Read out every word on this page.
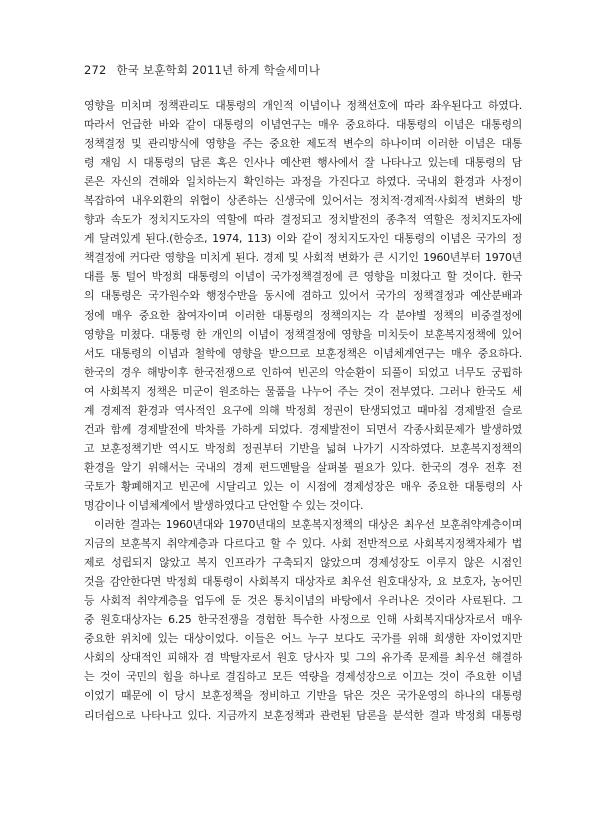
272 한국 보훈학회 2011년 하계 학술세미나
영향을 미치며 정책관리도 대통령의 개인적 이념이나 정책선호에 따라 좌우된다고 하였다.
따라서 언급한 바와 같이 대통령의 이념연구는 매우 중요하다. 대통령의 이념은 대통령의
정책결정 및 관리방식에 영향을 주는 중요한 제도적 변수의 하나이며 이러한 이념은 대통
령 재임 시 대통령의 담론 혹은 인사나 예산편 행사에서 잘 나타나고 있는데 대통령의 담
론은 자신의 견해와 일치하는지 확인하는 과정을 가진다고 하였다. 국내외 환경과 사정이
복잡하여 내우외환의 위협이 상존하는 신생국에 있어서는 정치적·경제적·사회적 변화의 방
향과 속도가 정치지도자의 역할에 따라 결정되고 정치발전의 종추적 역할은 정치지도자에
게 달려있게 된다.(한승조, 1974, 113) 이와 같이 정치지도자인 대통령의 이념은 국가의 정
책결정에 커다란 영향을 미치게 된다. 경제 및 사회적 변화가 큰 시기인 1960년부터 1970년
대를 통 털어 박정희 대통령의 이념이 국가정책결정에 큰 영향을 미쳤다고 할 것이다. 한국
의 대통령은 국가원수와 행정수반을 동시에 겸하고 있어서 국가의 정책결정과 예산분배과
정에 매우 중요한 참여자이며 이러한 대통령의 정책의지는 각 분야별 정책의 비중결정에
영향을 미쳤다. 대통령 한 개인의 이념이 정책결정에 영향을 미치듯이 보훈복지정책에 있어
서도 대통령의 이념과 철학에 영향을 받으므로 보훈정책은 이념체계연구는 매우 중요하다.
한국의 경우 해방이후 한국전쟁으로 인하여 빈곤의 악순환이 되풀이 되었고 너무도 궁핍하
여 사회복지 정책은 미군이 원조하는 물품을 나누어 주는 것이 전부였다. 그러나 한국도 세
계 경제적 환경과 역사적인 요구에 의해 박정희 정권이 탄생되었고 때마침 경제발전 슬로
건과 함께 경제발전에 박차를 가하게 되었다. 경제발전이 되면서 각종사회문제가 발생하였
고 보훈정책기반 역시도 박정희 정권부터 기반을 넓혀 나가기 시작하였다. 보훈복지정책의
환경을 알기 위해서는 국내의 경제 펀드멘탈을 살펴볼 필요가 있다. 한국의 경우 전후 전
국토가 황폐해지고 빈곤에 시달리고 있는 이 시점에 경제성장은 매우 중요한 대통령의 사
명감이나 이념체계에서 발생하였다고 단언할 수 있는 것이다.
이러한 결과는 1960년대와 1970년대의 보훈복지정책의 대상은 최우선 보훈취약계층이며
지금의 보훈복지 취약계층과 다르다고 할 수 있다. 사회 전반적으로 사회복지정책자체가 법
제로 성립되지 않았고 복지 인프라가 구축되지 않았으며 경제성장도 이루지 않은 시점인
것을 감안한다면 박정희 대통령이 사회복지 대상자로 최우선 원호대상자, 요 보호자, 농어민
등 사회적 취약계층을 업두에 둔 것은 통치이념의 바탕에서 우러나온 것이라 사료된다. 그
중 원호대상자는 6.25 한국전쟁을 경험한 특수한 사정으로 인해 사회복지대상자로서 매우
중요한 위치에 있는 대상이었다. 이들은 어느 누구 보다도 국가를 위해 희생한 자이었지만
사회의 상대적인 피해자 겸 박탈자로서 원호 당사자 및 그의 유가족 문제를 최우선 해결하
는 것이 국민의 힘을 하나로 결집하고 모든 역량을 경제성장으로 이끄는 것이 주요한 이념
이었기 때문에 이 당시 보훈정책을 정비하고 기반을 닦은 것은 국가운영의 하나의 대통령
리더쉽으로 나타나고 있다. 지금까지 보훈정책과 관련된 담론을 분석한 결과 박정희 대통령
